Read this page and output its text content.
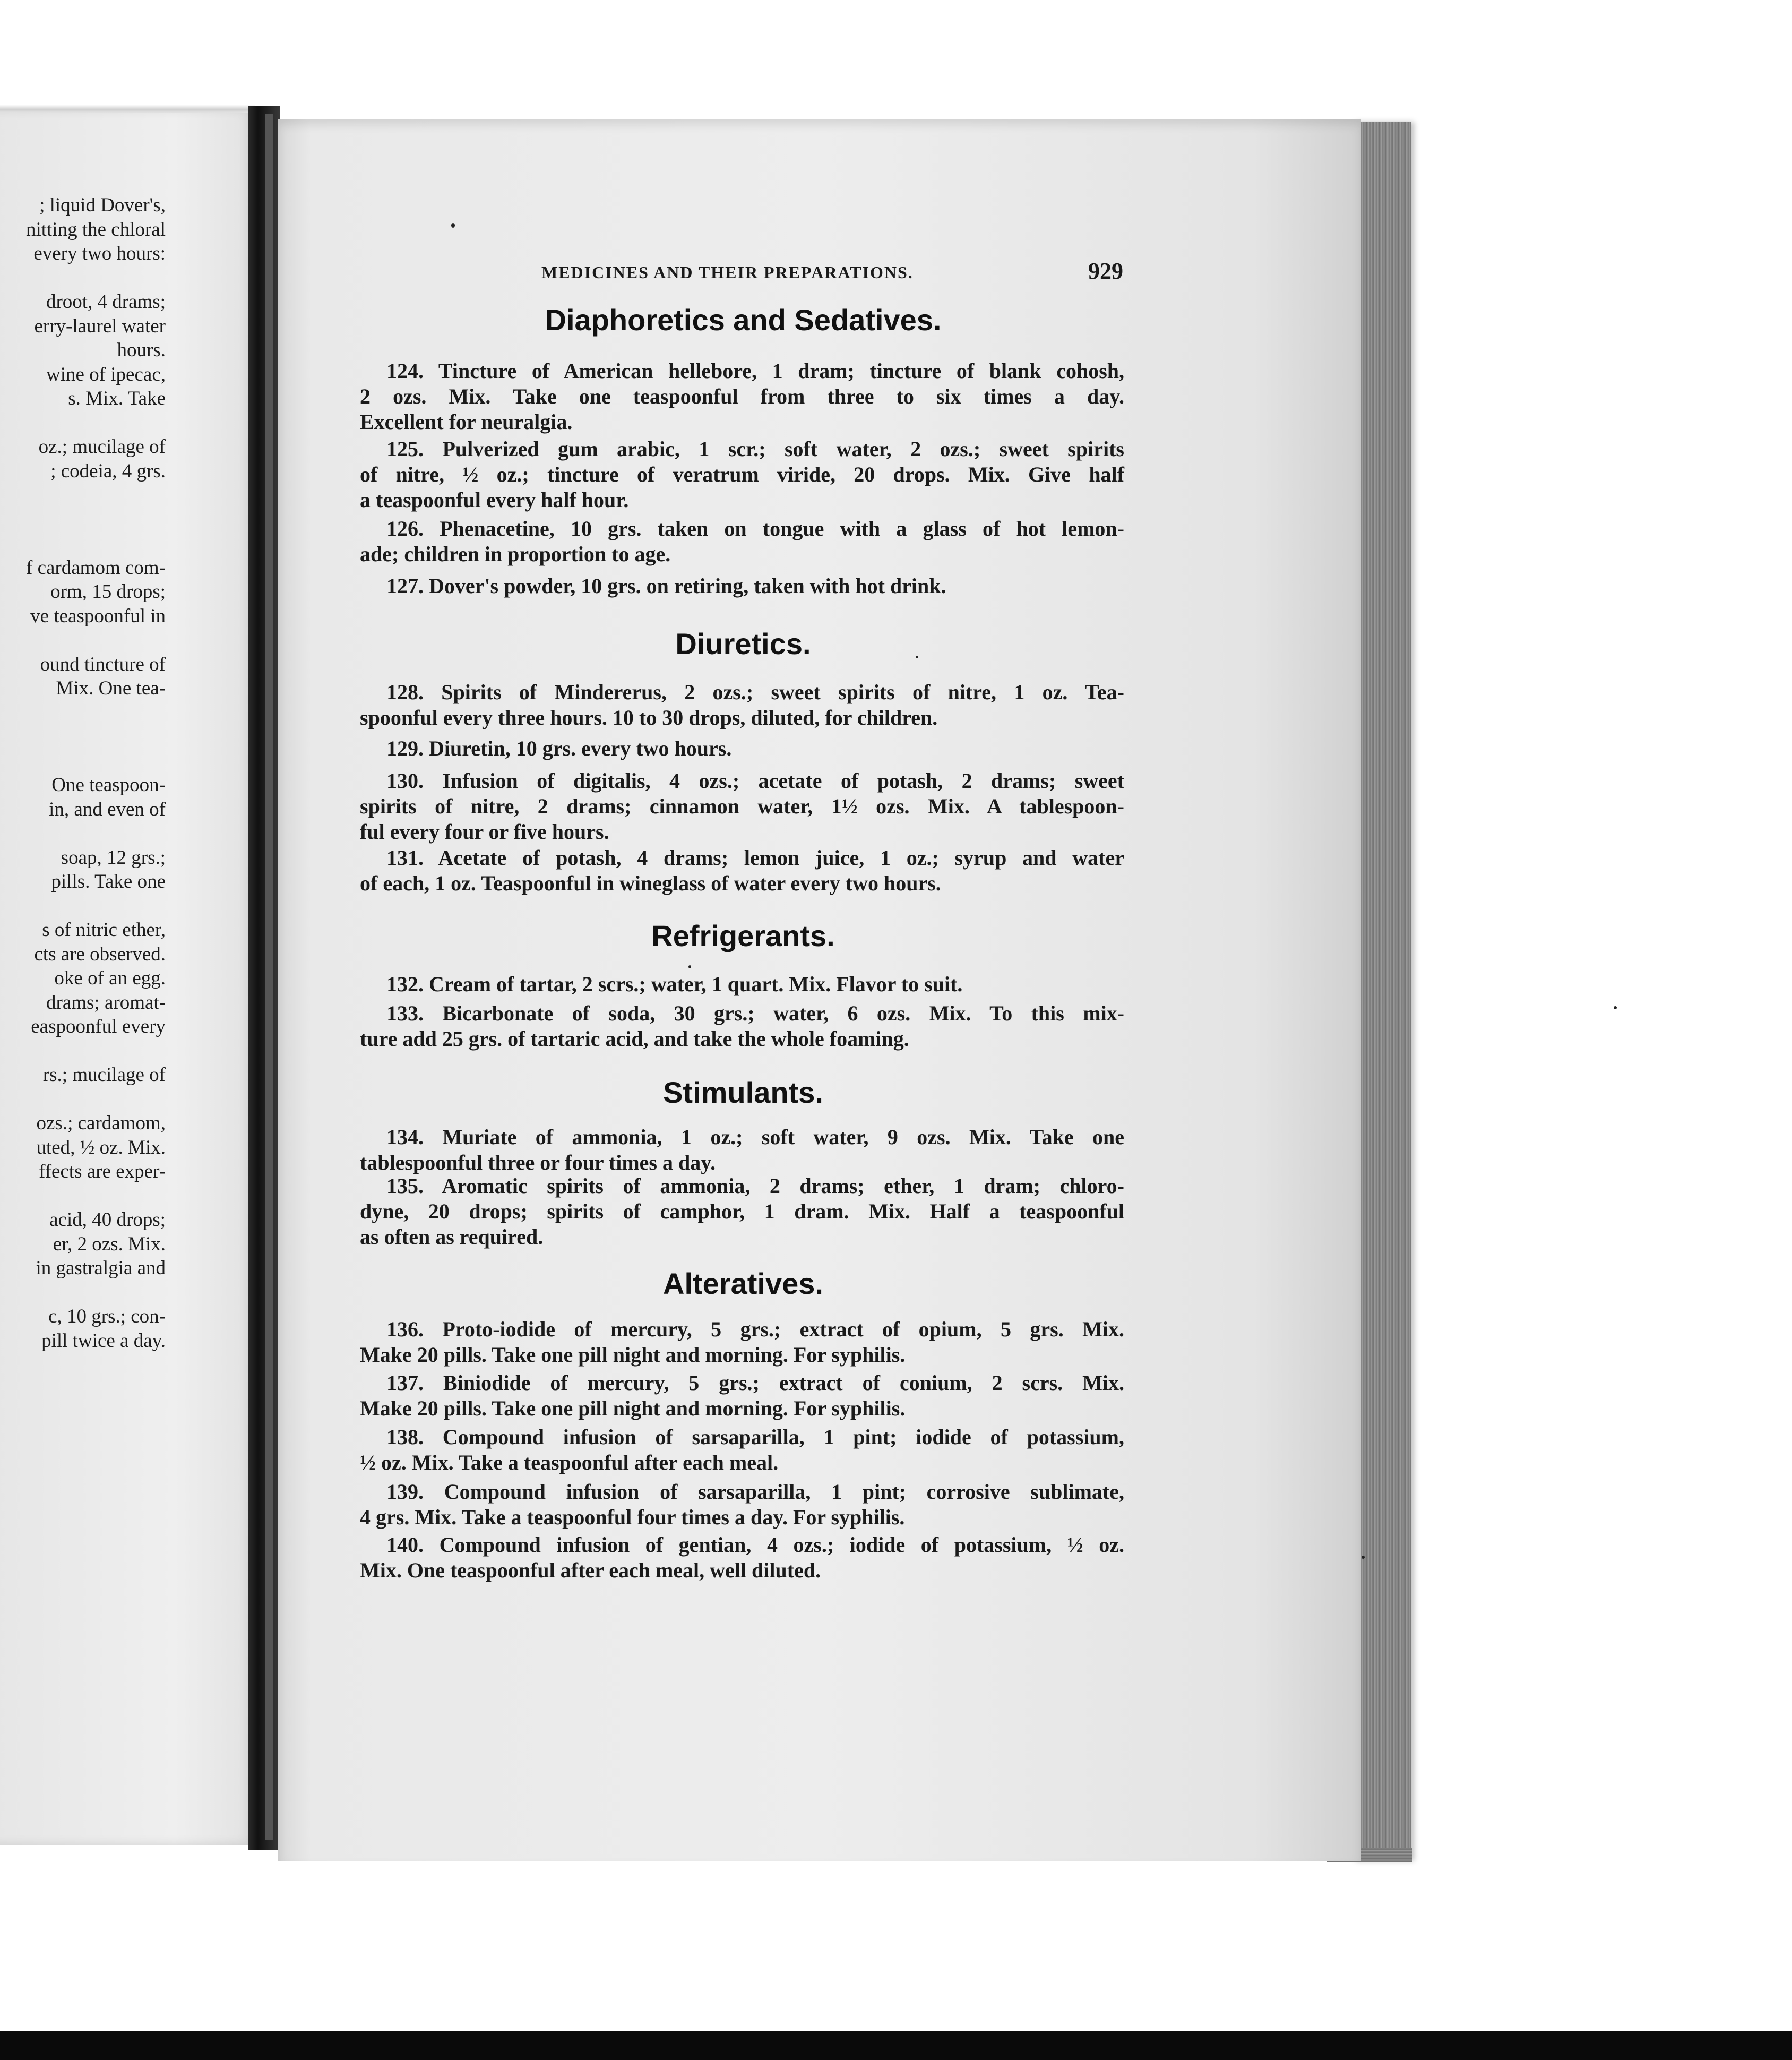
; liquid Dover's,
nitting the chloral
every two hours:
droot, 4 drams;
erry-laurel water
hours.
wine of ipecac,
s. Mix. Take
oz.; mucilage of
; codeia, 4 grs.
f cardamom com-
orm, 15 drops;
ve teaspoonful in
ound tincture of
Mix. One tea-
One teaspoon-
in, and even of
soap, 12 grs.;
pills. Take one
s of nitric ether,
cts are observed.
oke of an egg.
drams; aromat-
easpoonful every
rs.; mucilage of
ozs.; cardamom,
uted, ½ oz. Mix.
ffects are exper-
acid, 40 drops;
er, 2 ozs. Mix.
in gastralgia and
c, 10 grs.; con-
pill twice a day.
MEDICINES AND THEIR PREPARATIONS.	929
Diaphoretics and Sedatives.
124. Tincture of American hellebore, 1 dram; tincture of blank cohosh,
2 ozs. Mix. Take one teaspoonful from three to six times a day.
Excellent for neuralgia.
125. Pulverized gum arabic, 1 scr.; soft water, 2 ozs.; sweet spirits
of nitre, ½ oz.; tincture of veratrum viride, 20 drops. Mix. Give half
a teaspoonful every half hour.
126. Phenacetine, 10 grs. taken on tongue with a glass of hot lemon-
ade; children in proportion to age.
127. Dover's powder, 10 grs. on retiring, taken with hot drink.
Diuretics.
128. Spirits of Mindererus, 2 ozs.; sweet spirits of nitre, 1 oz. Tea-
spoonful every three hours. 10 to 30 drops, diluted, for children.
129. Diuretin, 10 grs. every two hours.
130. Infusion of digitalis, 4 ozs.; acetate of potash, 2 drams; sweet
spirits of nitre, 2 drams; cinnamon water, 1½ ozs. Mix. A tablespoon-
ful every four or five hours.
131. Acetate of potash, 4 drams; lemon juice, 1 oz.; syrup and water
of each, 1 oz. Teaspoonful in wineglass of water every two hours.
Refrigerants.
132. Cream of tartar, 2 scrs.; water, 1 quart. Mix. Flavor to suit.
133. Bicarbonate of soda, 30 grs.; water, 6 ozs. Mix. To this mix-
ture add 25 grs. of tartaric acid, and take the whole foaming.
Stimulants.
134. Muriate of ammonia, 1 oz.; soft water, 9 ozs. Mix. Take one
tablespoonful three or four times a day.
135. Aromatic spirits of ammonia, 2 drams; ether, 1 dram; chloro-
dyne, 20 drops; spirits of camphor, 1 dram. Mix. Half a teaspoonful
as often as required.
Alteratives.
136. Proto-iodide of mercury, 5 grs.; extract of opium, 5 grs. Mix.
Make 20 pills. Take one pill night and morning. For syphilis.
137. Biniodide of mercury, 5 grs.; extract of conium, 2 scrs. Mix.
Make 20 pills. Take one pill night and morning. For syphilis.
138. Compound infusion of sarsaparilla, 1 pint; iodide of potassium,
½ oz. Mix. Take a teaspoonful after each meal.
139. Compound infusion of sarsaparilla, 1 pint; corrosive sublimate,
4 grs. Mix. Take a teaspoonful four times a day. For syphilis.
140. Compound infusion of gentian, 4 ozs.; iodide of potassium, ½ oz.
Mix. One teaspoonful after each meal, well diluted.
